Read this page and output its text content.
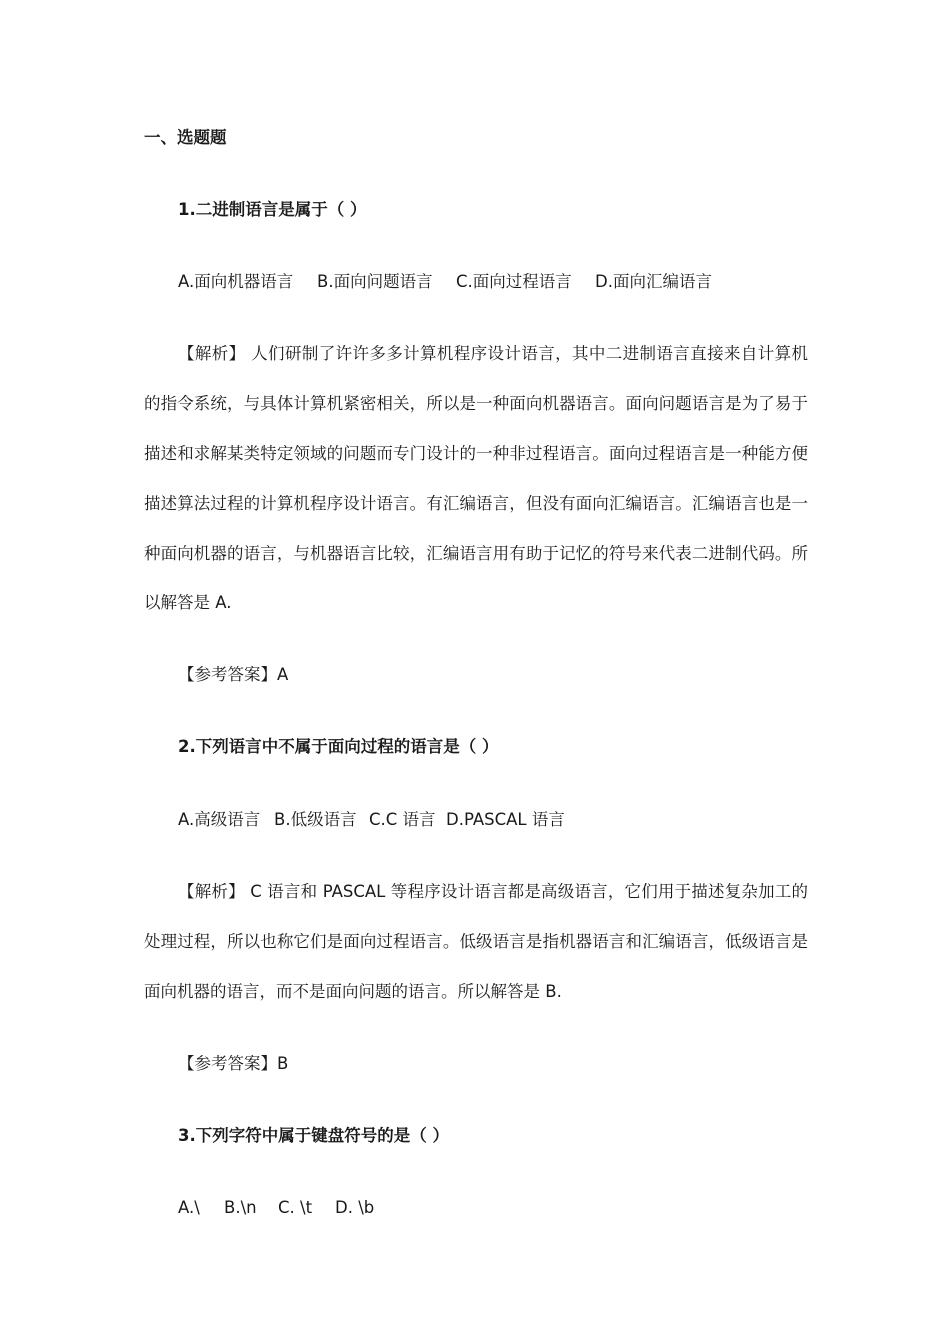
一、选题题
1.二进制语言是属于（ ）
A.面向机器语言 B.面向问题语言 C.面向过程语言 D.面向汇编语言
【解析】 人们研制了许许多多计算机程序设计语言，其中二进制语言直接来自计算机
的指令系统，与具体计算机紧密相关，所以是一种面向机器语言。面向问题语言是为了易于
描述和求解某类特定领域的问题而专门设计的一种非过程语言。面向过程语言是一种能方便
描述算法过程的计算机程序设计语言。有汇编语言，但没有面向汇编语言。汇编语言也是一
种面向机器的语言，与机器语言比较，汇编语言用有助于记忆的符号来代表二进制代码。所
以解答是 A.
【参考答案】A
2.下列语言中不属于面向过程的语言是（ ）
A.高级语言 B.低级语言 C.C 语言 D.PASCAL 语言
【解析】 C 语言和 PASCAL 等程序设计语言都是高级语言，它们用于描述复杂加工的
处理过程，所以也称它们是面向过程语言。低级语言是指机器语言和汇编语言，低级语言是
面向机器的语言，而不是面向问题的语言。所以解答是 B.
【参考答案】B
3.下列字符中属于键盘符号的是（ ）
A.\ B.\n C. \t D. \b
